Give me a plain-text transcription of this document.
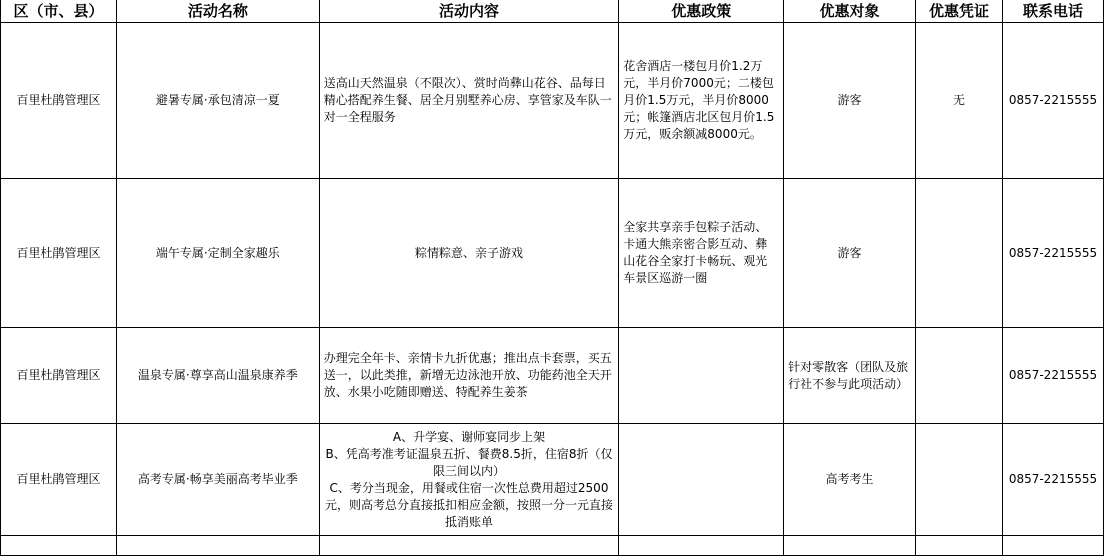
区（市、县）	活动名称	活动内容	优惠政策	优惠对象	优惠凭证	联系电话
百里杜鹃管理区	避暑专属·承包清凉一夏	送高山天然温泉（不限次）、赏时尚彝山花谷、品每日精心搭配养生餐、居全月别墅养心房、享管家及车队一对一全程服务	花舍酒店一楼包月价1.2万元，半月价7000元；二楼包月价1.5万元，半月价8000元；帐篷酒店北区包月价1.5万元，贩余额减8000元。	游客	无	0857-2215555
百里杜鹃管理区	端午专属·定制全家趣乐	粽情粽意、亲子游戏	全家共享亲手包粽子活动、卡通大熊亲密合影互动、彝山花谷全家打卡畅玩、观光车景区巡游一圈	游客		0857-2215555
百里杜鹃管理区	温泉专属·尊享高山温泉康养季	办理完全年卡、亲情卡九折优惠；推出点卡套票，买五送一，以此类推，新增无边泳池开放、功能药池全天开放、水果小吃随即赠送、特配养生姜茶		针对零散客（团队及旅行社不参与此项活动）		0857-2215555
百里杜鹃管理区	高考专属·畅享美丽高考毕业季	A、升学宴、谢师宴同步上架
B、凭高考准考证温泉五折、餐费8.5折，住宿8折（仅限三间以内）
C、考分当现金，用餐或住宿一次性总费用超过2500元，则高考总分直接抵扣相应金额，按照一分一元直接抵消账单		高考考生		0857-2215555
